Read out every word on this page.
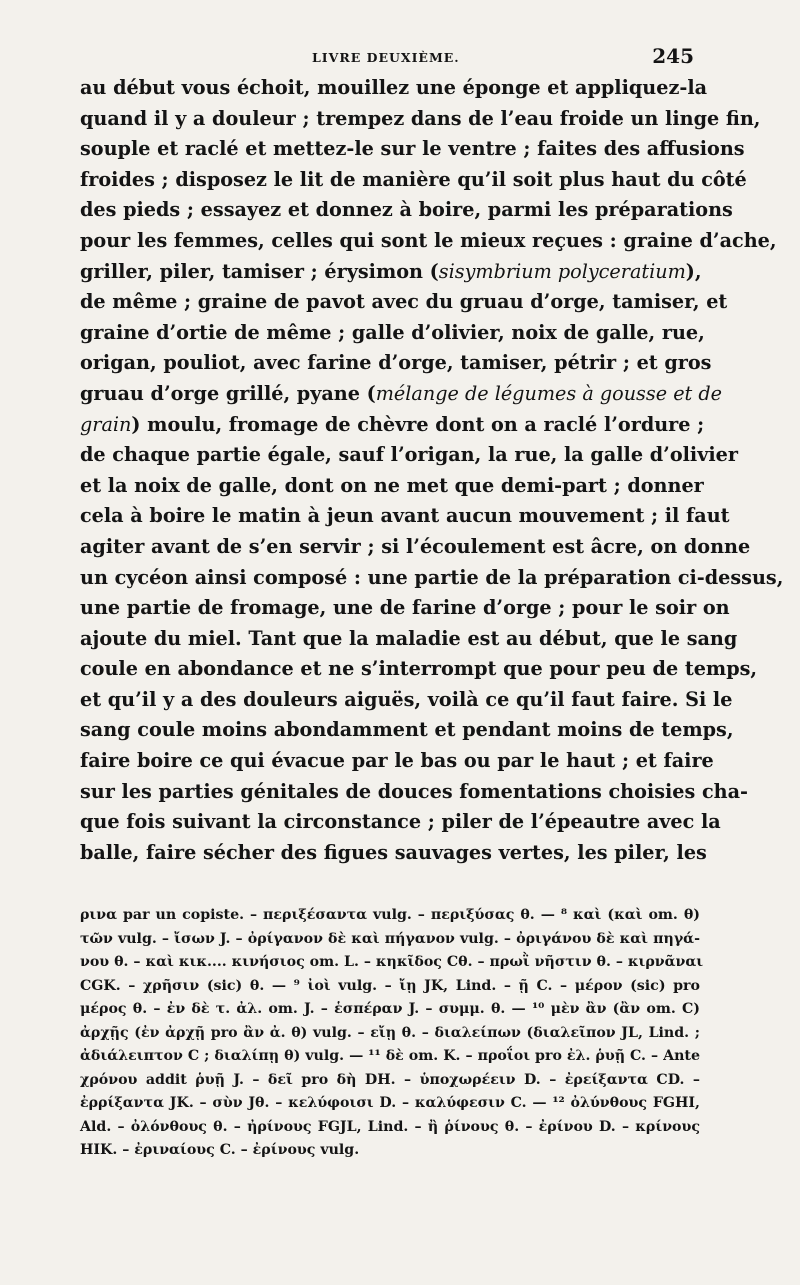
LIVRE DEUXIÈME.	245
au début vous échoit, mouillez une éponge et appliquez-la
quand il y a douleur ; trempez dans de l’eau froide un linge fin,
souple et raclé et mettez-le sur le ventre ; faites des affusions
froides ; disposez le lit de manière qu’il soit plus haut du côté
des pieds ; essayez et donnez à boire, parmi les préparations
pour les femmes, celles qui sont le mieux reçues : graine d’ache,
griller, piler, tamiser ; érysimon (sisymbrium polyceratium),
de même ; graine de pavot avec du gruau d’orge, tamiser, et
graine d’ortie de même ; galle d’olivier, noix de galle, rue,
origan, pouliot, avec farine d’orge, tamiser, pétrir ; et gros
gruau d’orge grillé, pyane (mélange de légumes à gousse et de
grain) moulu, fromage de chèvre dont on a raclé l’ordure ;
de chaque partie égale, sauf l’origan, la rue, la galle d’olivier
et la noix de galle, dont on ne met que demi-part ; donner
cela à boire le matin à jeun avant aucun mouvement ; il faut
agiter avant de s’en servir ; si l’écoulement est âcre, on donne
un cycéon ainsi composé : une partie de la préparation ci-dessus,
une partie de fromage, une de farine d’orge ; pour le soir on
ajoute du miel. Tant que la maladie est au début, que le sang
coule en abondance et ne s’interrompt que pour peu de temps,
et qu’il y a des douleurs aiguës, voilà ce qu’il faut faire. Si le
sang coule moins abondamment et pendant moins de temps,
faire boire ce qui évacue par le bas ou par le haut ; et faire
sur les parties génitales de douces fomentations choisies cha-
que fois suivant la circonstance ; piler de l’épeautre avec la
balle, faire sécher des figues sauvages vertes, les piler, les
ρινα par un copiste. – περιξέσαντα vulg. – περιξύσας θ. — ⁸ καὶ (καὶ om. θ)
τῶν vulg. – ἴσων J. – ὀρίγανον δὲ καὶ πήγανον vulg. – ὀριγάνου δὲ καὶ πηγά-
νου θ. – καὶ κικ.... κινήσιος om. L. – κηκῖδος Cθ. – πρωῒ νῆστιν θ. – κιρνᾶναι
CGK. – χρῆσιν (sic) θ. — ⁹ ἰοὶ vulg. – ἴῃ JK, Lind. – ῇ C. – μέρον (sic) pro
μέρος θ. – ἐν δὲ τ. ἀλ. om. J. – ἑσπέραν J. – συμμ. θ. — ¹⁰ μὲν ἂν (ἂν om. C)
ἀρχῇς (ἐν ἀρχῇ pro ἂν ἀ. θ) vulg. – εἴῃ θ. – διαλείπων (διαλεῖπον JL, Lind. ;
ἀδιάλειπτον C ; διαλίπῃ θ) vulg. — ¹¹ δὲ om. K. – προΐοι pro ἐλ. ῥυῇ C. – Ante
χρόνου addit ῥυῇ J. – δεῖ pro δὴ DH. – ὑποχωρέειν D. – ἐρείξαντα CD. –
ἐρρίξαντα JK. – σὺν Jθ. – κελύφοισι D. – καλύφεσιν C. — ¹² ὀλύνθους FGHI,
Ald. – ὀλόνθους θ. – ἠρίνους FGJL, Lind. – ἢ ῥίνους θ. – ἐρίνου D. – κρίνους
HIK. – ἐριναίους C. – ἐρίνους vulg.
